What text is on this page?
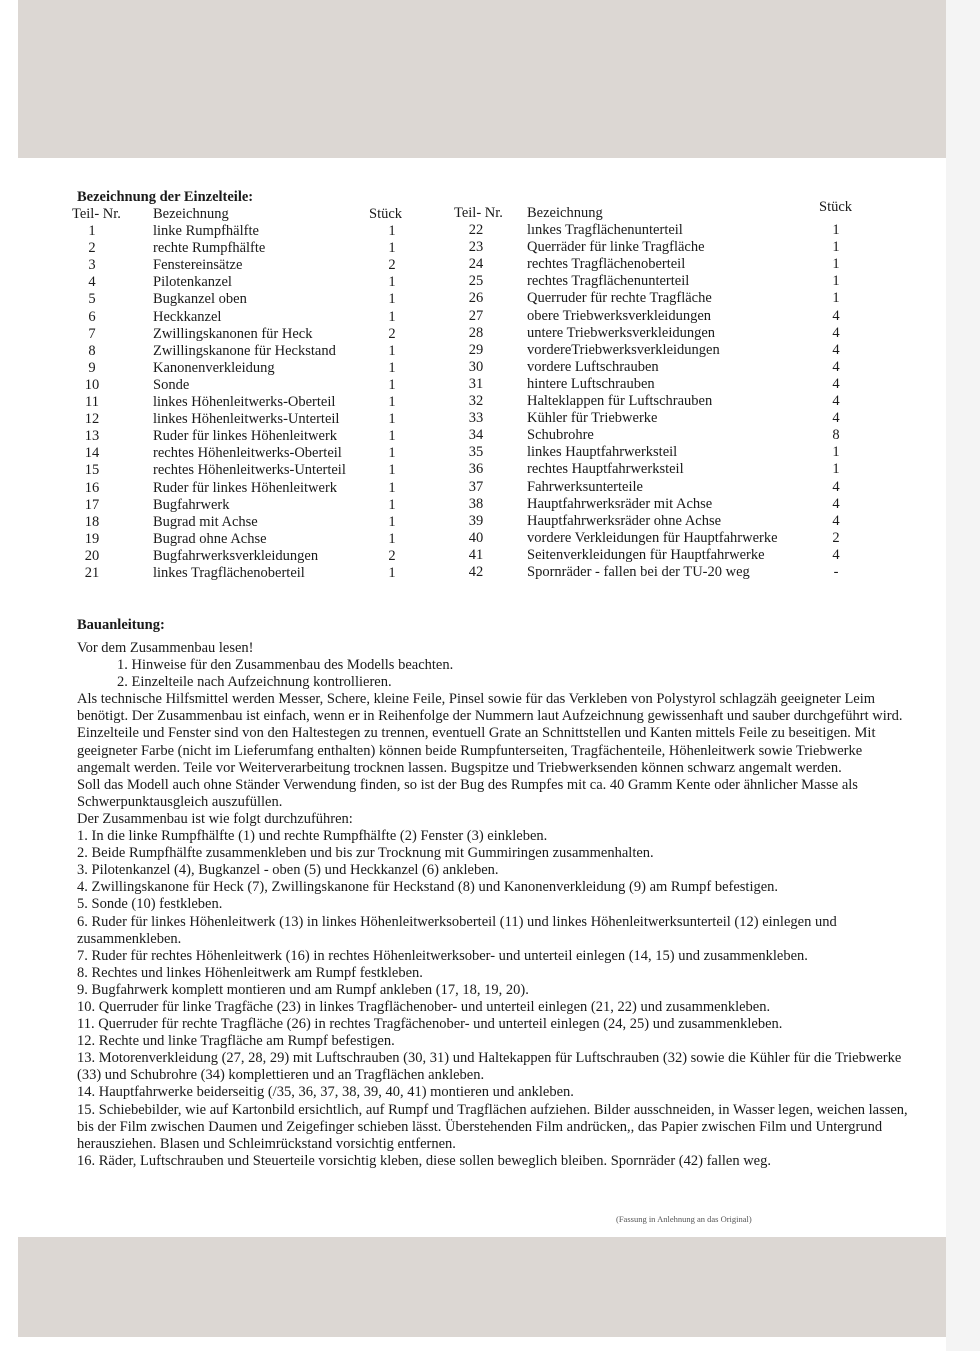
Bezeichnung der Einzelteile:
Teil- Nr. Bezeichnung	Stück
1	linke Rumpfhälfte	1
2	rechte Rumpfhälfte	1
3	Fenstereinsätze	2
4	Pilotenkanzel	1
5	Bugkanzel oben	1
6	Heckkanzel	1
7	Zwillingskanonen für Heck	2
8	Zwillingskanone für Heckstand	1
9	Kanonenverkleidung	1
10	Sonde	1
11	linkes Höhenleitwerks-Oberteil	1
12	linkes Höhenleitwerks-Unterteil	1
13	Ruder für linkes Höhenleitwerk	1
14	rechtes Höhenleitwerks-Oberteil	1
15	rechtes Höhenleitwerks-Unterteil	1
16	Ruder für linkes Höhenleitwerk	1
17	Bugfahrwerk	1
18	Bugrad mit Achse	1
19	Bugrad ohne Achse	1
20	Bugfahrwerksverkleidungen	2
21	linkes Tragflächenoberteil	1
Teil- Nr. Bezeichnung	Stück
22	lınkes Tragflächenunterteil	1
23	Querräder für linke Tragfläche	1
24	rechtes Tragflächenoberteil	1
25	rechtes Tragflächenunterteil	1
26	Querruder für rechte Tragfläche	1
27	obere Triebwerksverkleidungen	4
28	untere Triebwerksverkleidungen	4
29	vordereTriebwerksverkleidungen	4
30	vordere Luftschrauben	4
31	hintere Luftschrauben	4
32	Halteklappen für Luftschrauben	4
33	Kühler für Triebwerke	4
34	Schubrohre	8
35	linkes Hauptfahrwerksteil	1
36	rechtes Hauptfahrwerksteil	1
37	Fahrwerksunterteile	4
38	Hauptfahrwerksräder mit Achse	4
39	Hauptfahrwerksräder ohne Achse	4
40	vordere Verkleidungen für Hauptfahrwerke	2
41	Seitenverkleidungen für Hauptfahrwerke	4
42	Spornräder - fallen bei der TU-20 weg	-
Bauanleitung:

Vor dem Zusammenbau lesen!

1. Hinweise für den Zusammenbau des Modells beachten.

2. Einzelteile nach Aufzeichnung kontrollieren.

Als technische Hilfsmittel werden Messer, Schere, kleine Feile, Pinsel sowie für das Verkleben von Polystyrol schlagzäh geeigneter Leim benötigt. Der Zusammenbau ist einfach, wenn er in Reihenfolge der Nummern laut Aufzeichnung gewissenhaft und sauber durchgeführt wird. Einzelteile und Fenster sind von den Haltestegen zu trennen, eventuell Grate an Schnittstellen und Kanten mittels Feile zu beseitigen. Mit geeigneter Farbe (nicht im Lieferumfang enthalten) können beide Rumpfunterseiten, Tragfächenteile, Höhenleitwerk sowie Triebwerke angemalt werden. Teile vor Weiterverarbeitung trocknen lassen. Bugspitze und Triebwerksenden können schwarz angemalt werden.

Soll das Modell auch ohne Ständer Verwendung finden, so ist der Bug des Rumpfes mit ca. 40 Gramm Kente oder ähnlicher Masse als Schwerpunktausgleich auszufüllen.

Der Zusammenbau ist wie folgt durchzuführen:

1. In die linke Rumpfhälfte (1) und rechte Rumpfhälfte (2) Fenster (3) einkleben.

2. Beide Rumpfhälfte zusammenkleben und bis zur Trocknung mit Gummiringen zusammenhalten.

3. Pilotenkanzel (4), Bugkanzel - oben (5) und Heckkanzel (6) ankleben.

4. Zwillingskanone für Heck (7), Zwillingskanone für Heckstand (8) und Kanonenverkleidung (9) am Rumpf befestigen.

5. Sonde (10) festkleben.

6. Ruder für linkes Höhenleitwerk (13) in linkes Höhenleitwerksoberteil (11) und linkes Höhenleitwerksunterteil (12) einlegen und zusammenkleben.

7. Ruder für rechtes Höhenleitwerk (16) in rechtes Höhenleitwerksober- und unterteil einlegen (14, 15) und zusammenkleben.

8. Rechtes und linkes Höhenleitwerk am Rumpf festkleben.

9. Bugfahrwerk komplett montieren und am Rumpf ankleben (17, 18, 19, 20).

10. Querruder für linke Tragfäche (23) in linkes Tragflächenober- und unterteil einlegen (21, 22) und zusammenkleben.

11. Querruder für rechte Tragfläche (26) in rechtes Tragfächenober- und unterteil einlegen (24, 25) und zusammenkleben.

12. Rechte und linke Tragfläche am Rumpf befestigen.

13. Motorenverkleidung (27, 28, 29) mit Luftschrauben (30, 31) und Haltekappen für Luftschrauben (32) sowie die Kühler für die Triebwerke (33) und Schubrohre (34) komplettieren und an Tragflächen ankleben.

14. Hauptfahrwerke beiderseitig (/35, 36, 37, 38, 39, 40, 41) montieren und ankleben.

15. Schiebebilder, wie auf Kartonbild ersichtlich, auf Rumpf und Tragflächen aufziehen. Bilder ausschneiden, in Wasser legen, weichen lassen, bis der Film zwischen Daumen und Zeigefinger schieben lässt. Überstehenden Film andrücken,, das Papier zwischen Film und Untergrund herausziehen. Blasen und Schleimrückstand vorsichtig entfernen.

16. Räder, Luftschrauben und Steuerteile vorsichtig kleben, diese sollen beweglich bleiben. Spornräder (42) fallen weg.

(Fassung in Anlehnung an das Original)
